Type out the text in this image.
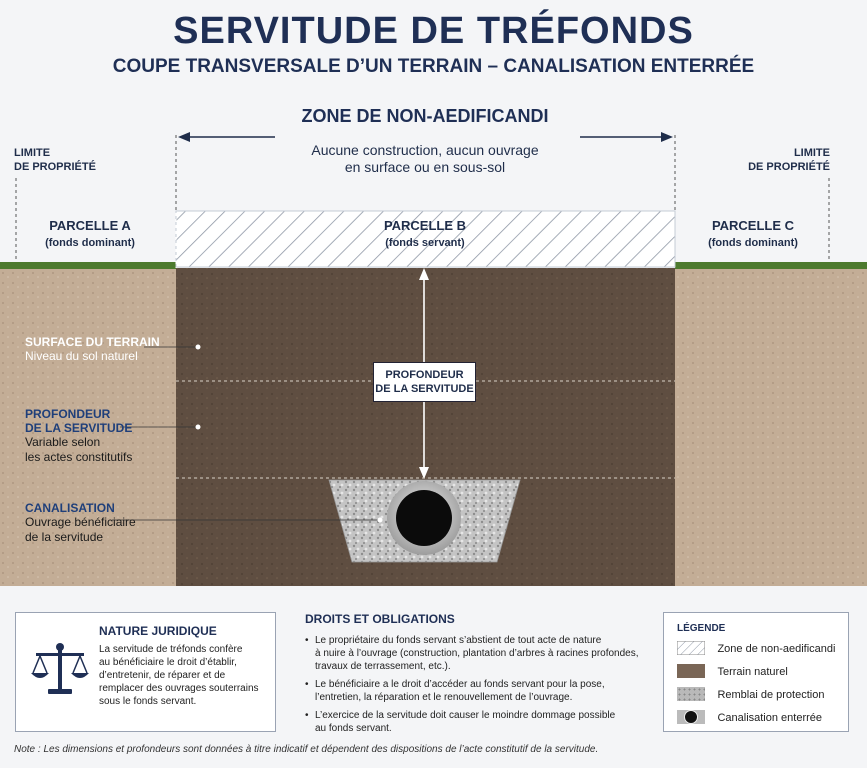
SERVITUDE DE TRÉFONDS
COUPE TRANSVERSALE D’UN TERRAIN – CANALISATION ENTERRÉE
ZONE DE NON-AEDIFICANDI
Aucune construction, aucun ouvrage
en surface ou en sous-sol
LIMITE
DE PROPRIÉTÉ
LIMITE
DE PROPRIÉTÉ
PARCELLE A
(fonds dominant)
PARCELLE B
(fonds servant)
PARCELLE C
(fonds dominant)
SURFACE DU TERRAIN
Niveau du sol naturel
PROFONDEUR
DE LA SERVITUDE
Variable selon
les actes constitutifs
CANALISATION
Ouvrage bénéficiaire
de la servitude
PROFONDEUR
DE LA SERVITUDE
NATURE JURIDIQUE
La servitude de tréfonds confère
au bénéficiaire le droit d’établir,
d’entretenir, de réparer et de
remplacer des ouvrages souterrains
sous le fonds servant.
DROITS ET OBLIGATIONS
• Le propriétaire du fonds servant s’abstient de tout acte de nature
à nuire à l’ouvrage (construction, plantation d’arbres à racines profondes,
travaux de terrassement, etc.).
• Le bénéficiaire a le droit d’accéder au fonds servant pour la pose,
l’entretien, la réparation et le renouvellement de l’ouvrage.
• L’exercice de la servitude doit causer le moindre dommage possible
au fonds servant.
LÉGENDE
Zone de non-aedificandi
Terrain naturel
Remblai de protection
Canalisation enterrée
Note : Les dimensions et profondeurs sont données à titre indicatif et dépendent des dispositions de l’acte constitutif de la servitude.
